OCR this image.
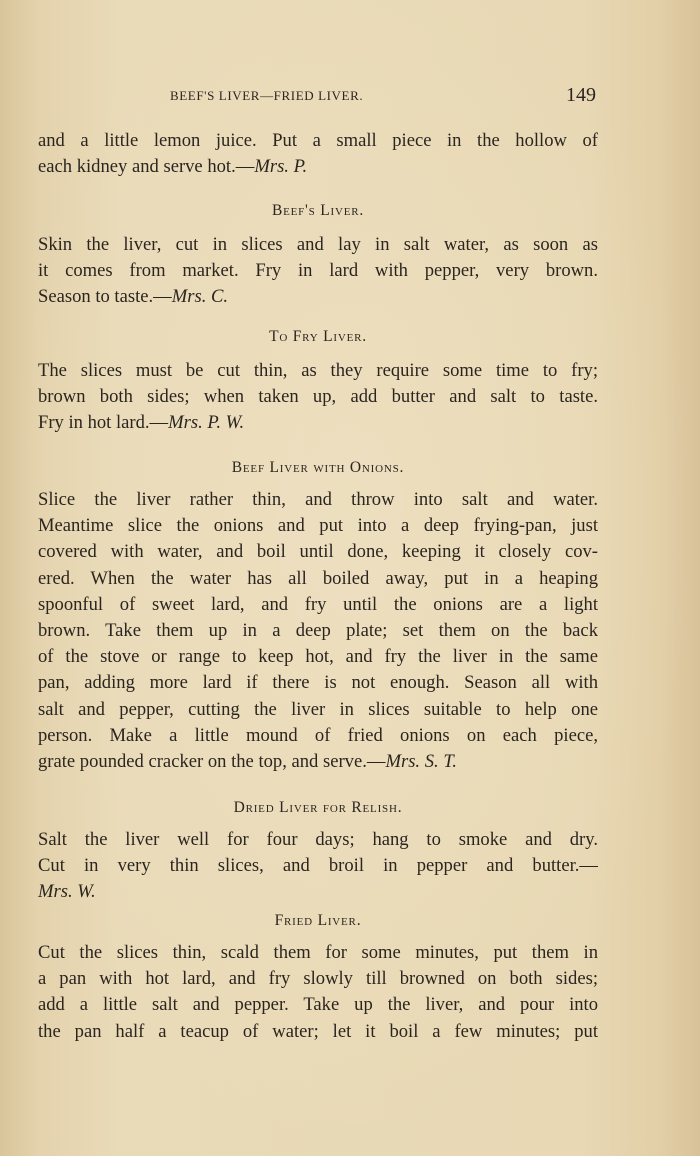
BEEF'S LIVER—FRIED LIVER.	149

and a little lemon juice. Put a small piece in the hollow of

each kidney and serve hot.—Mrs. P.

Beef's Liver.

Skin the liver, cut in slices and lay in salt water, as soon as

it comes from market. Fry in lard with pepper, very brown.

Season to taste.—Mrs. C.

To Fry Liver.

The slices must be cut thin, as they require some time to fry;

brown both sides; when taken up, add butter and salt to taste.

Fry in hot lard.—Mrs. P. W.

Beef Liver with Onions.

Slice the liver rather thin, and throw into salt and water.

Meantime slice the onions and put into a deep frying-pan, just

covered with water, and boil until done, keeping it closely cov-

ered. When the water has all boiled away, put in a heaping

spoonful of sweet lard, and fry until the onions are a light

brown. Take them up in a deep plate; set them on the back

of the stove or range to keep hot, and fry the liver in the same

pan, adding more lard if there is not enough. Season all with

salt and pepper, cutting the liver in slices suitable to help one

person. Make a little mound of fried onions on each piece,

grate pounded cracker on the top, and serve.—Mrs. S. T.

Dried Liver for Relish.

Salt the liver well for four days; hang to smoke and dry.

Cut in very thin slices, and broil in pepper and butter.—

Mrs. W.

Fried Liver.

Cut the slices thin, scald them for some minutes, put them in

a pan with hot lard, and fry slowly till browned on both sides;

add a little salt and pepper. Take up the liver, and pour into

the pan half a teacup of water; let it boil a few minutes; put
